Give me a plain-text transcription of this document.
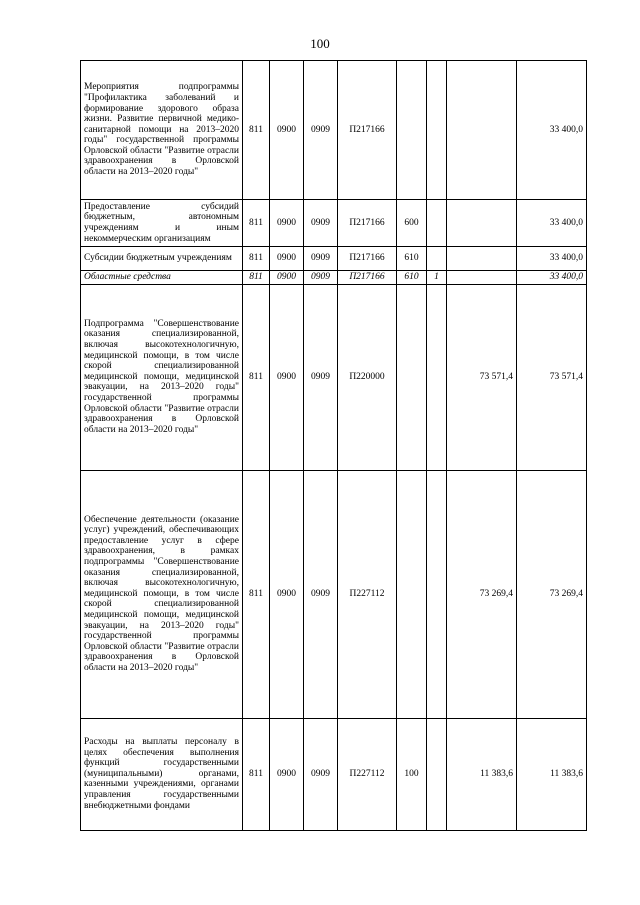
100
Мероприятия подпрограммы "Профилактика заболеваний и формирование здорового образа жизни. Развитие первичной медико-санитарной помощи на 2013–2020 годы" государственной программы Орловской области "Развитие отрасли здравоохранения в Орловской области на 2013–2020 годы"	811	0900	0909	П217166				33 400,0
Предоставление субсидий бюджетным, автономным учреждениям и иным некоммерческим организациям	811	0900	0909	П217166	600			33 400,0
Субсидии бюджетным учреждениям	811	0900	0909	П217166	610			33 400,0
Областные средства	811	0900	0909	П217166	610	1		33 400,0
Подпрограмма "Совершенствование оказания специализированной, включая высокотехнологичную, медицинской помощи, в том числе скорой специализированной медицинской помощи, медицинской эвакуации, на 2013–2020 годы" государственной программы Орловской области "Развитие отрасли здравоохранения в Орловской области на 2013–2020 годы"	811	0900	0909	П220000			73 571,4	73 571,4
Обеспечение деятельности (оказание услуг) учреждений, обеспечивающих предоставление услуг в сфере здравоохранения, в рамках подпрограммы "Совершенствование оказания специализированной, включая высокотехнологичную, медицинской помощи, в том числе скорой специализированной медицинской помощи, медицинской эвакуации, на 2013–2020 годы" государственной программы Орловской области "Развитие отрасли здравоохранения в Орловской области на 2013–2020 годы"	811	0900	0909	П227112			73 269,4	73 269,4
Расходы на выплаты персоналу в целях обеспечения выполнения функций государственными (муниципальными) органами, казенными учреждениями, органами управления государственными внебюджетными фондами	811	0900	0909	П227112	100		11 383,6	11 383,6
